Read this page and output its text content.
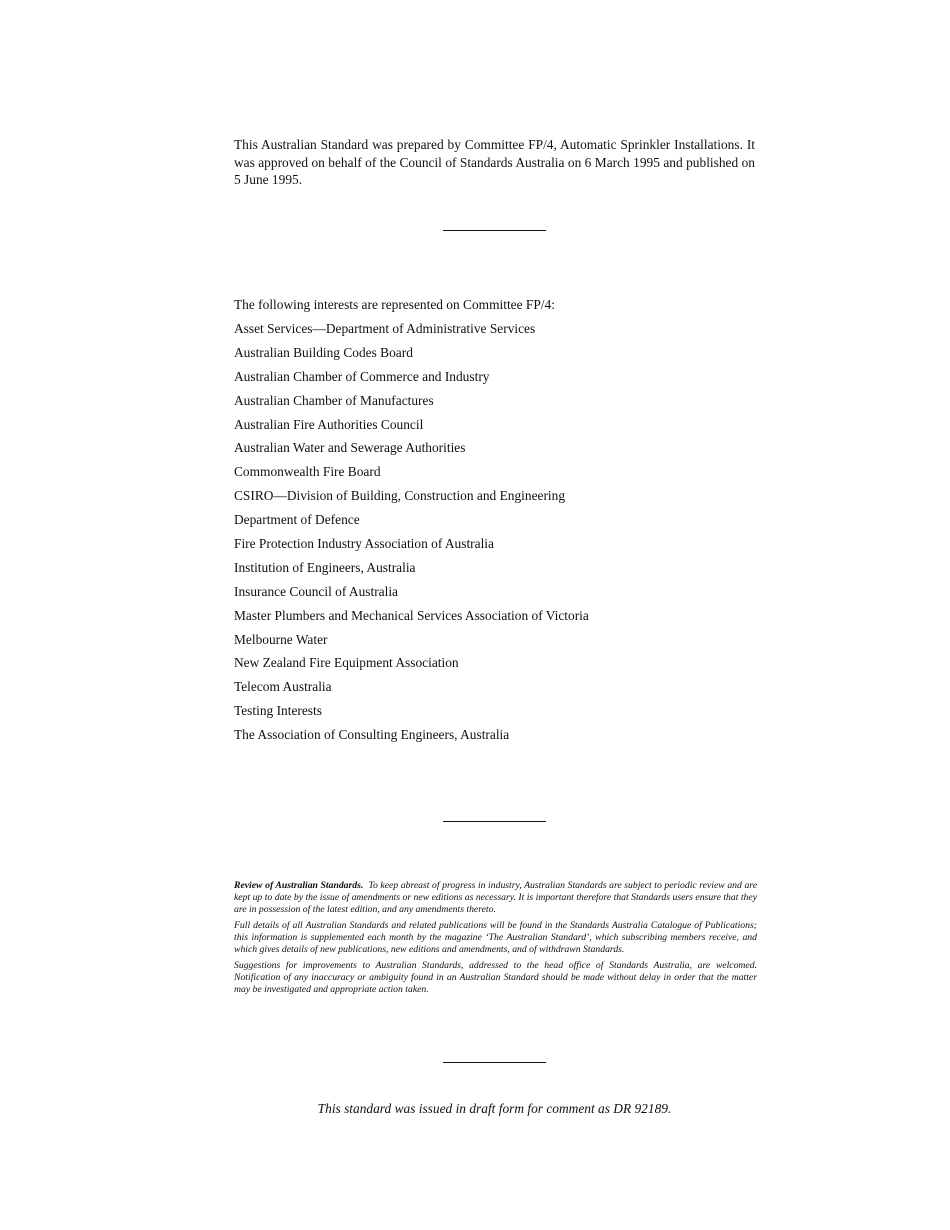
This Australian Standard was prepared by Committee FP/4, Automatic Sprinkler Installations. It was approved on behalf of the Council of Standards Australia on 6 March 1995 and published on 5 June 1995.
The following interests are represented on Committee FP/4:
Asset Services—Department of Administrative Services
Australian Building Codes Board
Australian Chamber of Commerce and Industry
Australian Chamber of Manufactures
Australian Fire Authorities Council
Australian Water and Sewerage Authorities
Commonwealth Fire Board
CSIRO—Division of Building, Construction and Engineering
Department of Defence
Fire Protection Industry Association of Australia
Institution of Engineers, Australia
Insurance Council of Australia
Master Plumbers and Mechanical Services Association of Victoria
Melbourne Water
New Zealand Fire Equipment Association
Telecom Australia
Testing Interests
The Association of Consulting Engineers, Australia

Review of Australian Standards. To keep abreast of progress in industry, Australian Standards are subject to periodic review and are kept up to date by the issue of amendments or new editions as necessary. It is important therefore that Standards users ensure that they are in possession of the latest edition, and any amendments thereto.

Full details of all Australian Standards and related publications will be found in the Standards Australia Catalogue of Publications; this information is supplemented each month by the magazine ‘The Australian Standard’, which subscribing members receive, and which gives details of new publications, new editions and amendments, and of withdrawn Standards.

Suggestions for improvements to Australian Standards, addressed to the head office of Standards Australia, are welcomed. Notification of any inaccuracy or ambiguity found in an Australian Standard should be made without delay in order that the matter may be investigated and appropriate action taken.

This standard was issued in draft form for comment as DR 92189.
